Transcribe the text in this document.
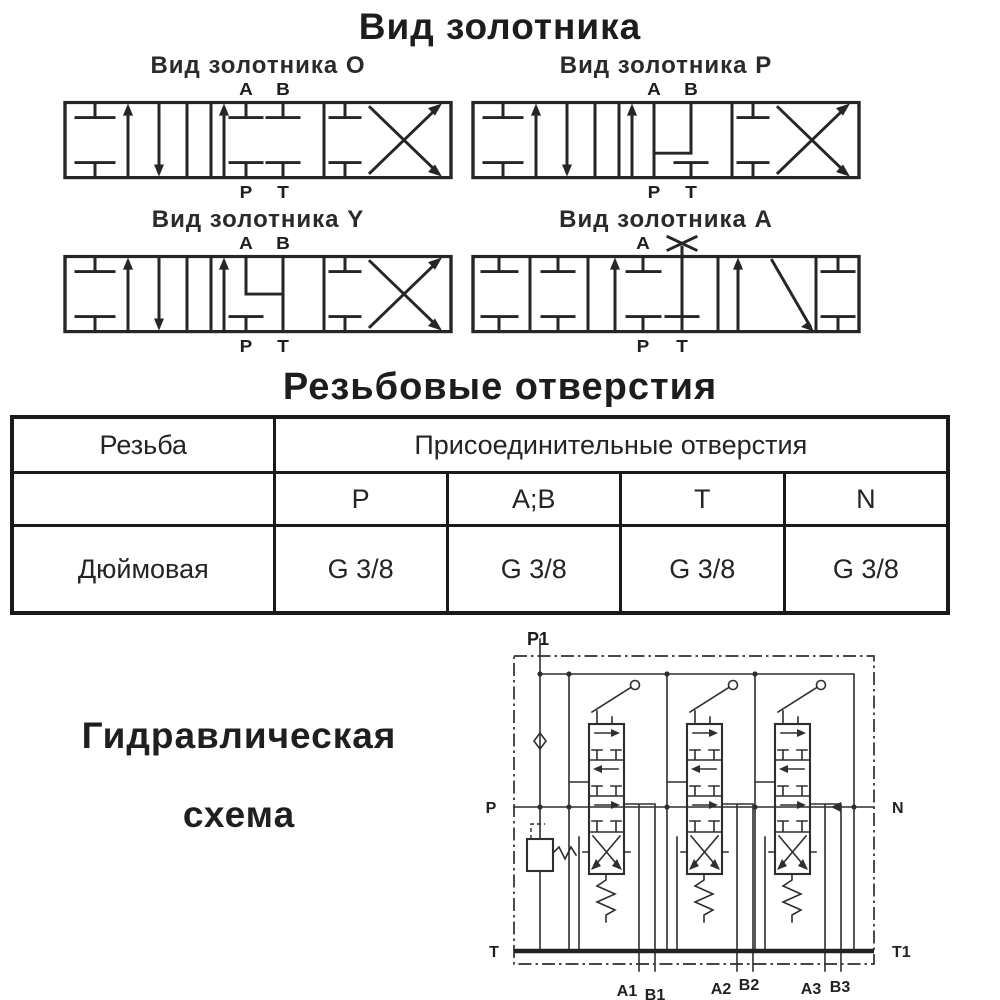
Вид золотника
Вид золотника O
A B
P T
Вид золотника P
A B
P T
Вид золотника Y
A B
P T
Вид золотника A
A
P T
Резьбовые отверстия
Резьба	Присоединительные отверстия			
	P	A;B	T	N
Дюймовая	G 3/8	G 3/8	G 3/8	G 3/8
Гидравлическая
схема
P1
P	N
T	T1
A1 B1	A2 B2	A3 B3
